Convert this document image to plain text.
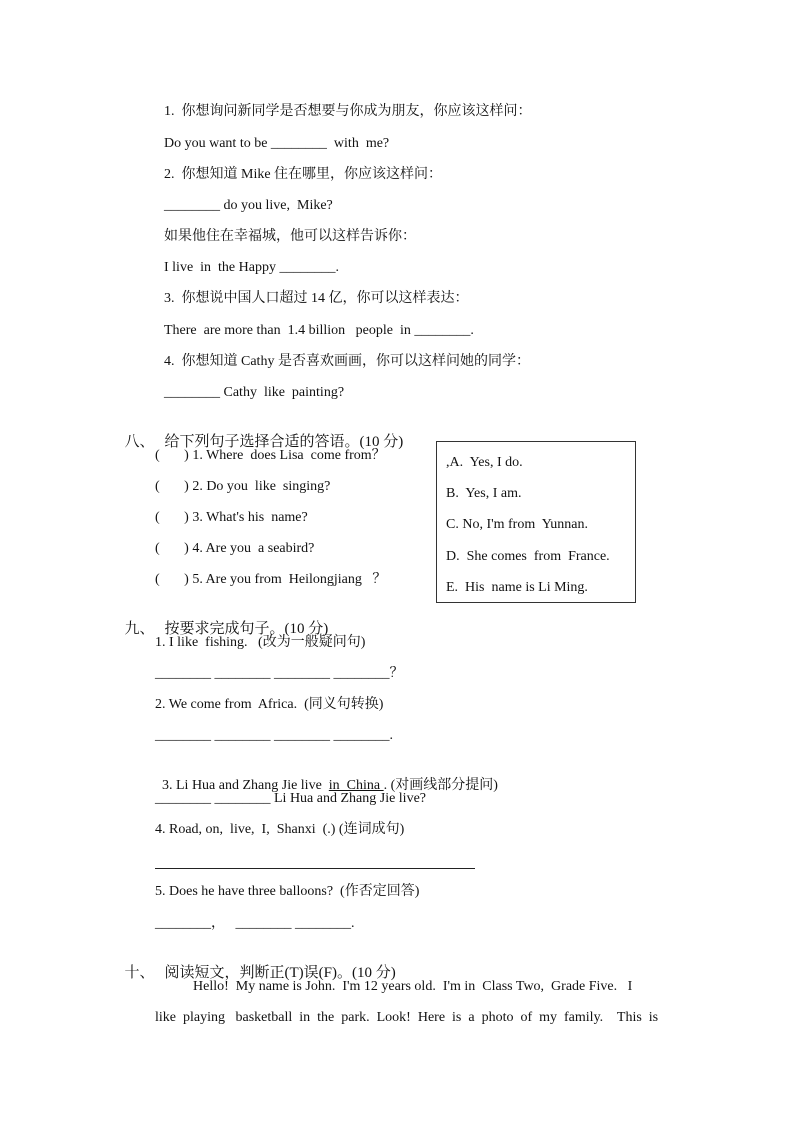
1.  你想询问新同学是否想要与你成为朋友，你应该这样问：
Do you want to be ________  with  me?
2.  你想知道 Mike 住在哪里，你应该这样问：
________ do you live,  Mike?
如果他住在幸福城，他可以这样告诉你：
I live  in  the Happy ________.
3.  你想说中国人口超过 14 亿，你可以这样表达：
There  are more than  1.4 billion   people  in ________.
4.  你想知道 Cathy 是否喜欢画画，你可以这样问她的同学：
________ Cathy  like  painting?

八、 给下列句子选择合适的答语。(10 分)

(       ) 1. Where  does Lisa  come from？
(       ) 2. Do you  like  singing?
(       ) 3. What's his  name?
(       ) 4. Are you  a seabird?
(       ) 5. Are you from  Heilongjiang   ？
,A.  Yes, I do.
B.  Yes, I am.
C. No, I'm from  Yunnan.
D.  She comes  from  France.
E.  His  name is Li Ming.

九、 按要求完成句子。(10 分)

1. I like  fishing.   (改为一般疑问句)
________ ________ ________ ________？
2. We come from  Africa.  (同义句转换)
________ ________ ________ ________.

3. Li Hua and Zhang Jie live  in  China . (对画线部分提问)

________ ________ Li Hua and Zhang Jie live?
4. Road, on,  live,  I,  Shanxi  (.) (连词成句)
5. Does he have three balloons?  (作否定回答)
________，   ________ ________.

十、 阅读短文，判断正(T)误(F)。(10 分)

Hello!  My name is John.  I'm 12 years old.  I'm in  Class Two,  Grade Five.   I
like  playing   basketball  in  the  park.  Look!  Here  is  a  photo  of  my  family.    This  is
